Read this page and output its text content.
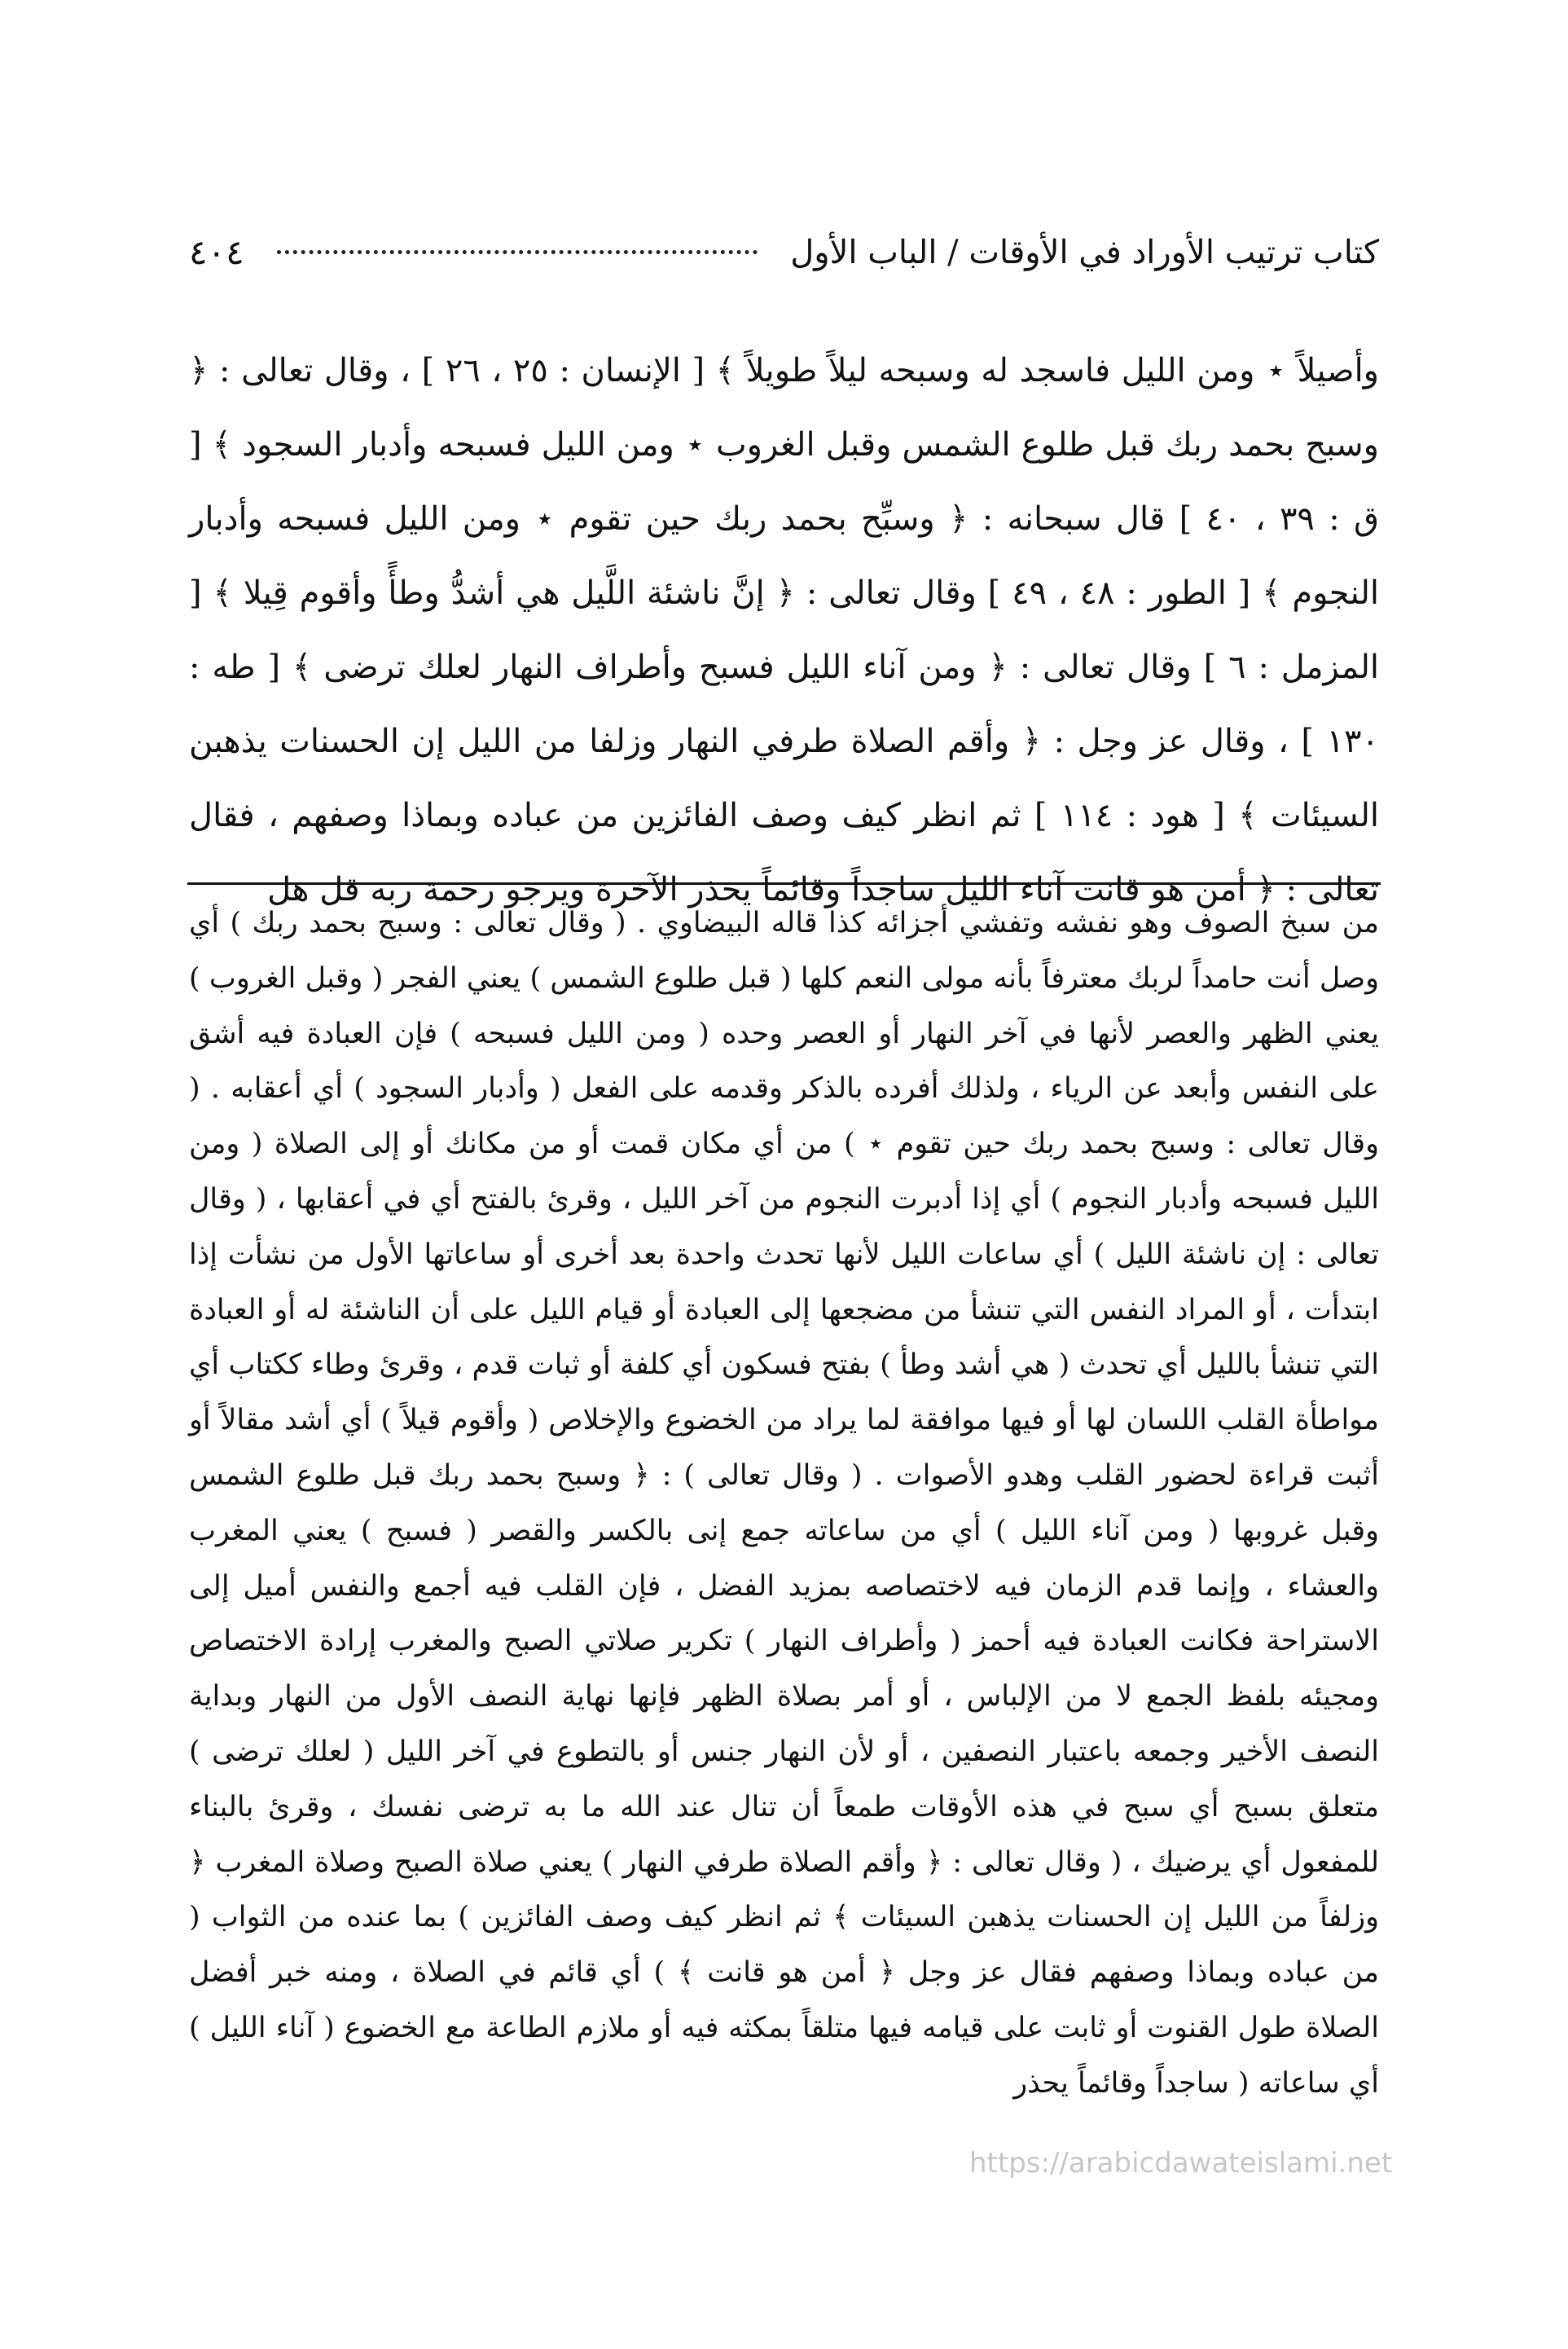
كتاب ترتيب الأوراد في الأوقات / الباب الأول
٤٠٤

وأصيلاً ⋆ ومن الليل فاسجد له وسبحه ليلاً طويلاً ﴾ [ الإنسان : ٢٥ ، ٢٦ ] ، وقال تعالى : ﴿ وسبح بحمد ربك قبل طلوع الشمس وقبل الغروب ⋆ ومن الليل فسبحه وأدبار السجود ﴾ [ ق : ٣٩ ، ٤٠ ] قال سبحانه : ﴿ وسبِّح بحمد ربك حين تقوم ⋆ ومن الليل فسبحه وأدبار النجوم ﴾ [ الطور : ٤٨ ، ٤٩ ] وقال تعالى : ﴿ إنَّ ناشئة اللَّيل هي أشدُّ وطأً وأقوم قِيلا ﴾ [ المزمل : ٦ ] وقال تعالى : ﴿ ومن آناء الليل فسبح وأطراف النهار لعلك ترضى ﴾ [ طه : ١٣٠ ] ، وقال عز وجل : ﴿ وأقم الصلاة طرفي النهار وزلفا من الليل إن الحسنات يذهبن السيئات ﴾ [ هود : ١١٤ ] ثم انظر كيف وصف الفائزين من عباده وبماذا وصفهم ، فقال تعالى : ﴿ أمن هو قانت آناء الليل ساجداً وقائماً يحذر الآخرة ويرجو رحمة ربه قل هل

من سبخ الصوف وهو نفشه وتفشي أجزائه كذا قاله البيضاوي . ( وقال تعالى : وسبح بحمد ربك ) أي وصل أنت حامداً لربك معترفاً بأنه مولى النعم كلها ( قبل طلوع الشمس ) يعني الفجر ( وقبل الغروب ) يعني الظهر والعصر لأنها في آخر النهار أو العصر وحده ( ومن الليل فسبحه ) فإن العبادة فيه أشق على النفس وأبعد عن الرياء ، ولذلك أفرده بالذكر وقدمه على الفعل ( وأدبار السجود ) أي أعقابه . ( وقال تعالى : وسبح بحمد ربك حين تقوم ⋆ ) من أي مكان قمت أو من مكانك أو إلى الصلاة ( ومن الليل فسبحه وأدبار النجوم ) أي إذا أدبرت النجوم من آخر الليل ، وقرئ بالفتح أي في أعقابها ، ( وقال تعالى : إن ناشئة الليل ) أي ساعات الليل لأنها تحدث واحدة بعد أخرى أو ساعاتها الأول من نشأت إذا ابتدأت ، أو المراد النفس التي تنشأ من مضجعها إلى العبادة أو قيام الليل على أن الناشئة له أو العبادة التي تنشأ بالليل أي تحدث ( هي أشد وطأ ) بفتح فسكون أي كلفة أو ثبات قدم ، وقرئ وطاء ككتاب أي مواطأة القلب اللسان لها أو فيها موافقة لما يراد من الخضوع والإخلاص ( وأقوم قيلاً ) أي أشد مقالاً أو أثبت قراءة لحضور القلب وهدو الأصوات . ( وقال تعالى ) : ﴿ وسبح بحمد ربك قبل طلوع الشمس وقبل غروبها ( ومن آناء الليل ) أي من ساعاته جمع إنى بالكسر والقصر ( فسبح ) يعني المغرب والعشاء ، وإنما قدم الزمان فيه لاختصاصه بمزيد الفضل ، فإن القلب فيه أجمع والنفس أميل إلى الاستراحة فكانت العبادة فيه أحمز ( وأطراف النهار ) تكرير صلاتي الصبح والمغرب إرادة الاختصاص ومجيئه بلفظ الجمع لا من الإلباس ، أو أمر بصلاة الظهر فإنها نهاية النصف الأول من النهار وبداية النصف الأخير وجمعه باعتبار النصفين ، أو لأن النهار جنس أو بالتطوع في آخر الليل ( لعلك ترضى ) متعلق بسبح أي سبح في هذه الأوقات طمعاً أن تنال عند الله ما به ترضى نفسك ، وقرئ بالبناء للمفعول أي يرضيك ، ( وقال تعالى : ﴿ وأقم الصلاة طرفي النهار ) يعني صلاة الصبح وصلاة المغرب ﴿ وزلفاً من الليل إن الحسنات يذهبن السيئات ﴾ ثم انظر كيف وصف الفائزين ) بما عنده من الثواب ( من عباده وبماذا وصفهم فقال عز وجل ﴿ أمن هو قانت ﴾ ) أي قائم في الصلاة ، ومنه خبر أفضل الصلاة طول القنوت أو ثابت على قيامه فيها متلقاً بمكثه فيه أو ملازم الطاعة مع الخضوع ( آناء الليل ) أي ساعاته ( ساجداً وقائماً يحذر

https://arabicdawateislami.net
